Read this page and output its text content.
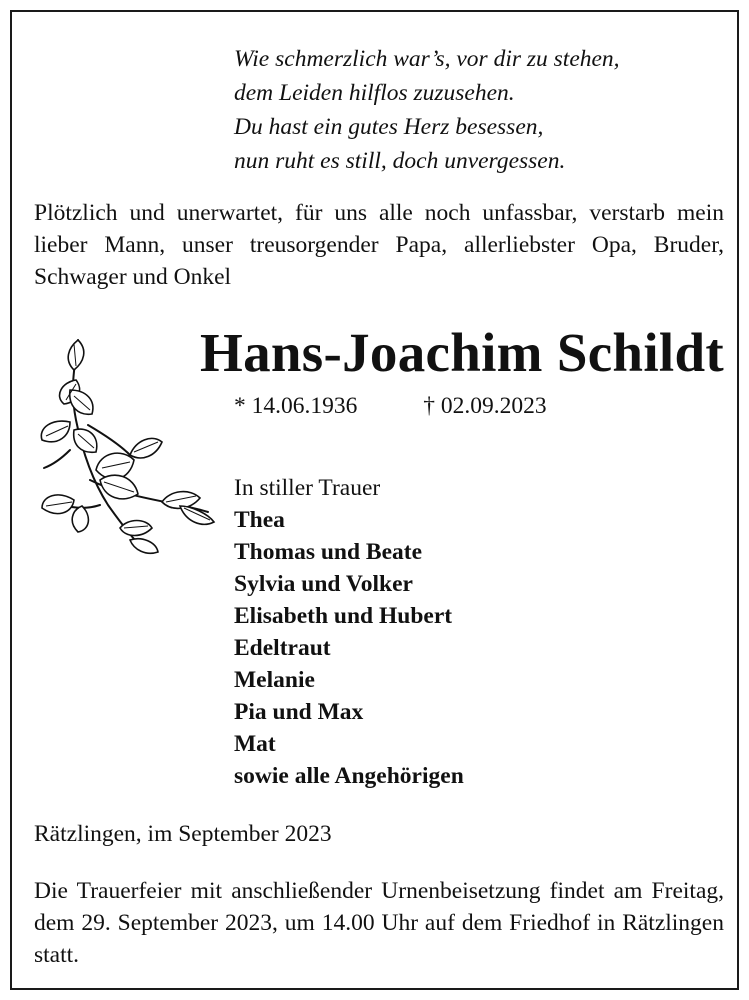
Wie schmerzlich war’s, vor dir zu stehen,
dem Leiden hilflos zuzusehen.
Du hast ein gutes Herz besessen,
nun ruht es still, doch unvergessen.
Plötzlich und unerwartet, für uns alle noch unfassbar, verstarb mein lieber Mann, unser treusorgender Papa, allerliebster Opa, Bruder, Schwager und Onkel
Hans-Joachim Schildt
* 14.06.1936	† 02.09.2023
In stiller Trauer
Thea
Thomas und Beate
Sylvia und Volker
Elisabeth und Hubert
Edeltraut
Melanie
Pia und Max
Mat
sowie alle Angehörigen
Rätzlingen, im September 2023
Die Trauerfeier mit anschließender Urnenbeisetzung findet am Freitag, dem 29. September 2023, um 14.00 Uhr auf dem Friedhof in Rätzlingen statt.
